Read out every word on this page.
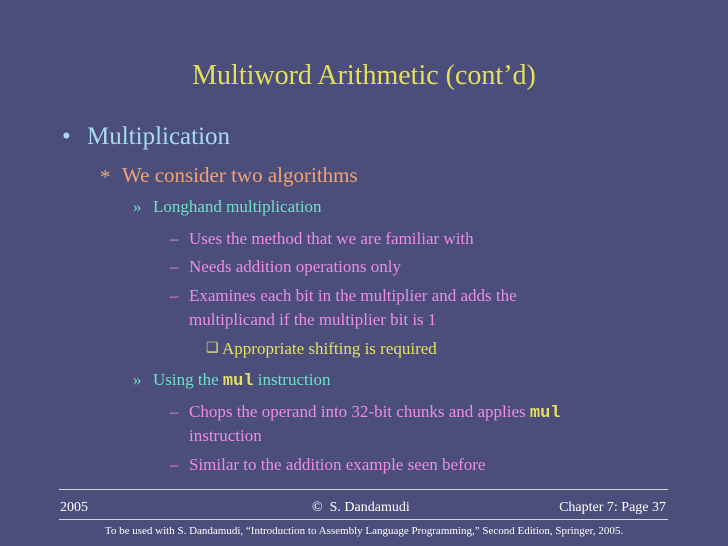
Multiword Arithmetic (cont’d)
• Multiplication
* We consider two algorithms
» Longhand multiplication
– Uses the method that we are familiar with
– Needs addition operations only
– Examines each bit in the multiplier and adds the
multiplicand if the multiplier bit is 1
❑ Appropriate shifting is required
» Using the mul instruction
– Chops the operand into 32-bit chunks and applies mul
instruction
– Similar to the addition example seen before
2005	© S. Dandamudi	Chapter 7: Page 37
To be used with S. Dandamudi, “Introduction to Assembly Language Programming,” Second Edition, Springer, 2005.
